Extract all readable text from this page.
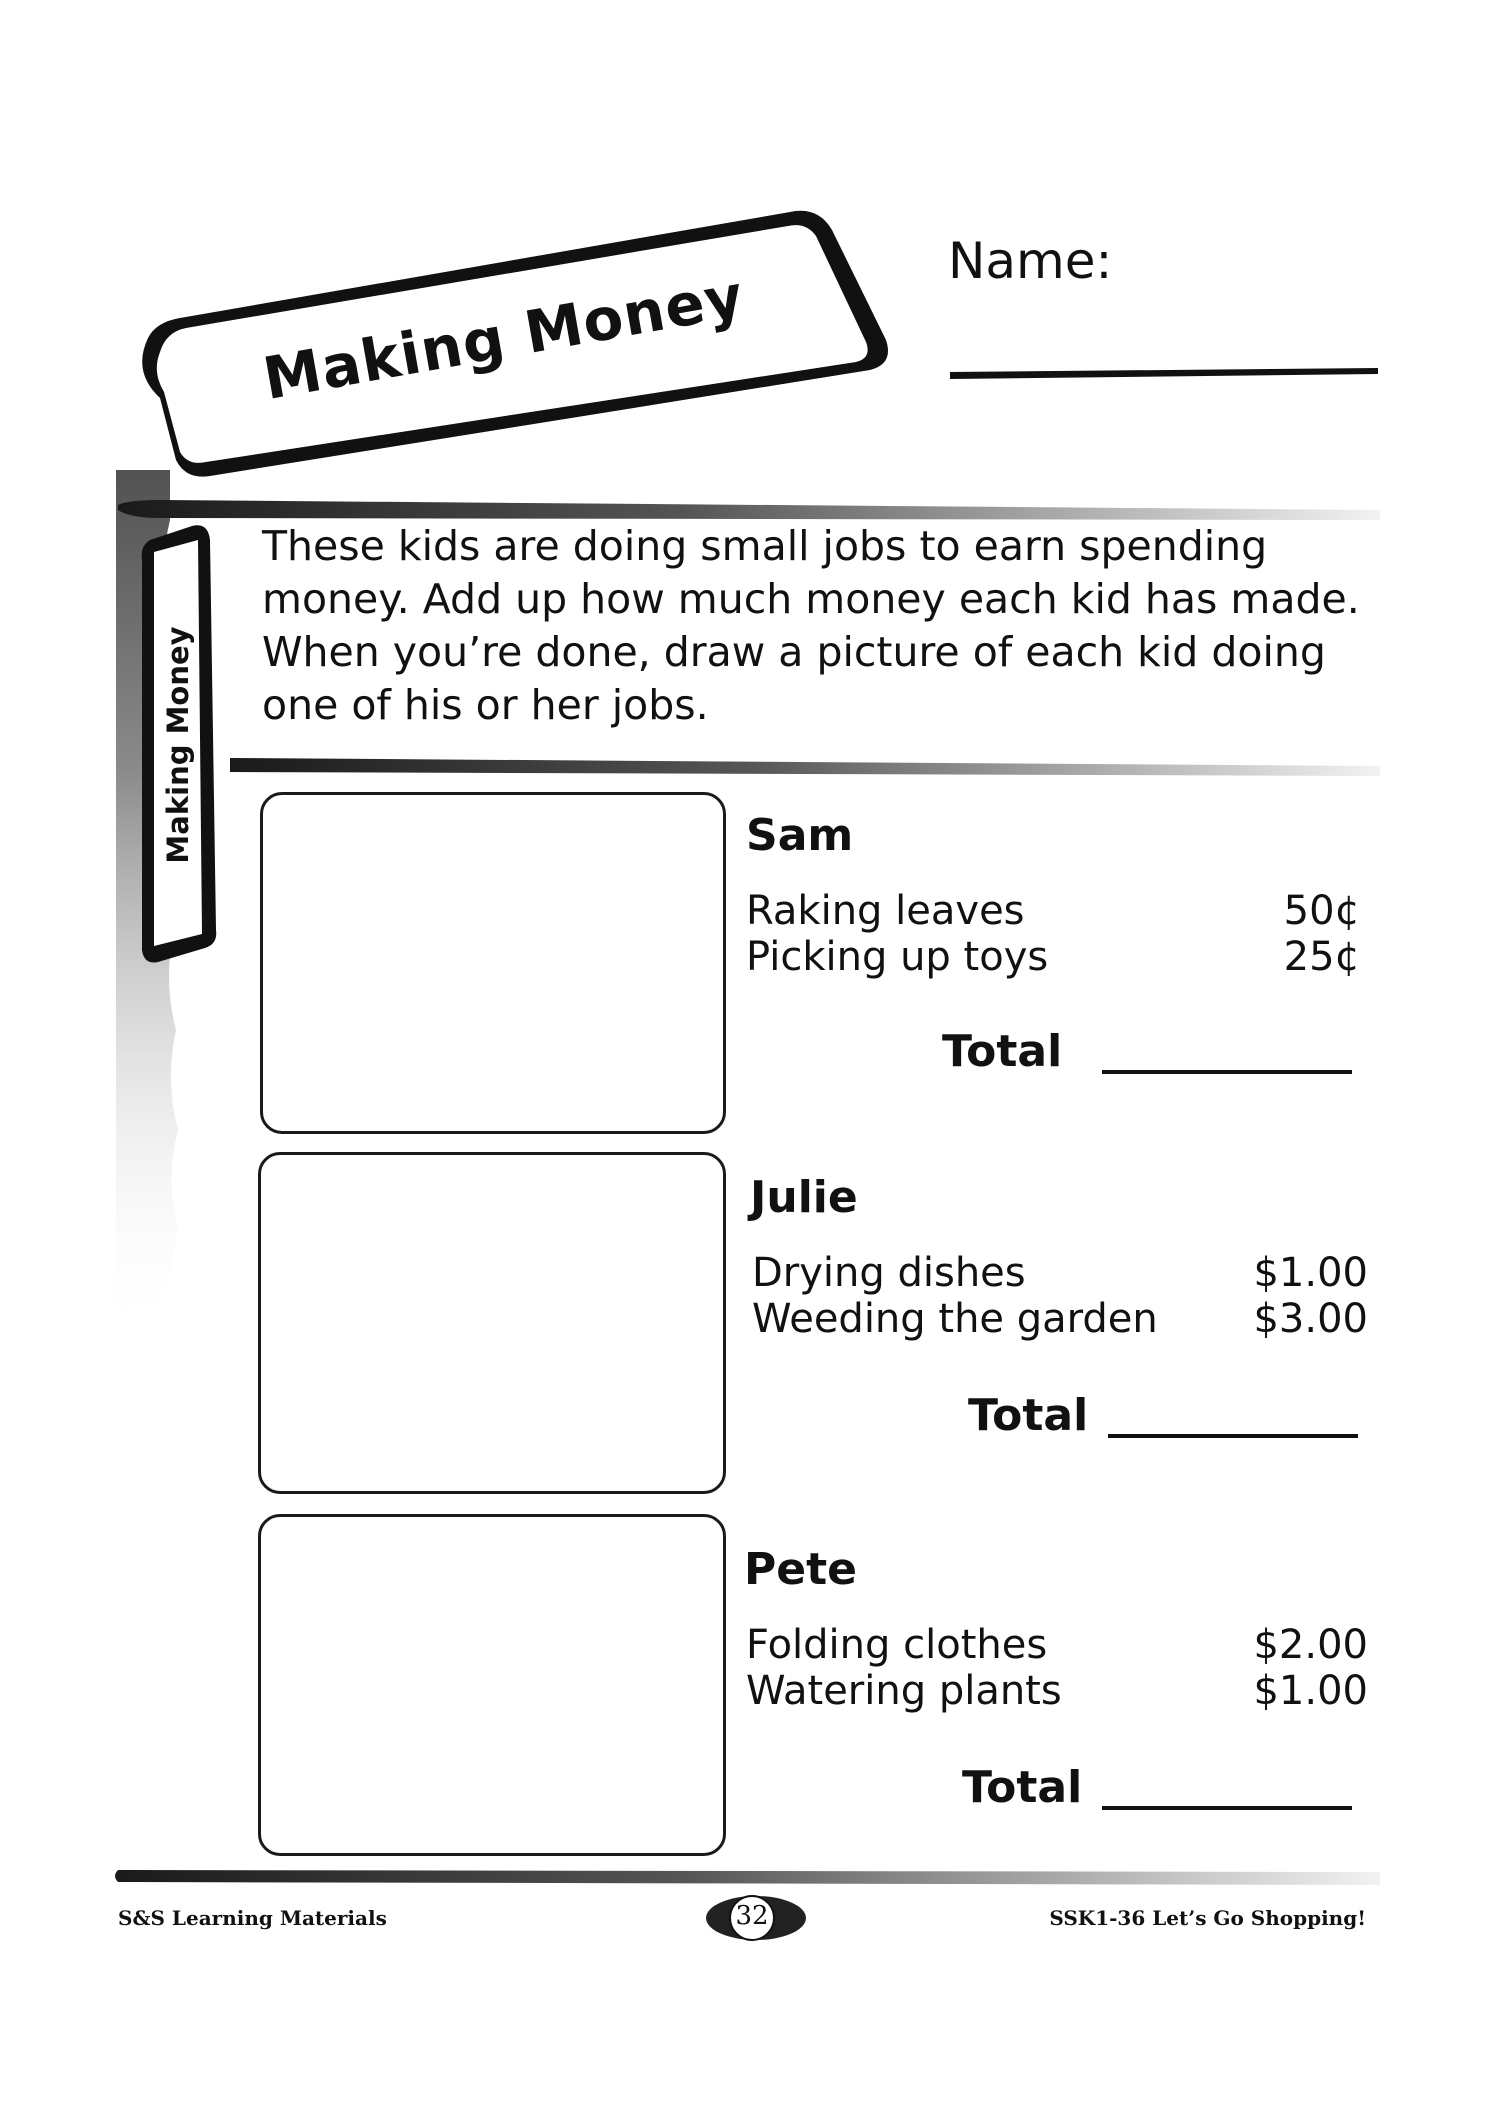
Making Money
Name:
Making Money
These kids are doing small jobs to earn spending
money. Add up how much money each kid has made.
When you’re done, draw a picture of each kid doing
one of his or her jobs.
Sam
Raking leaves	50¢
Picking up toys	25¢
Total
Julie
Drying dishes	$1.00
Weeding the garden	$3.00
Total
Pete
Folding clothes	$2.00
Watering plants	$1.00
Total
S&S Learning Materials	32	SSK1-36 Let’s Go Shopping!
